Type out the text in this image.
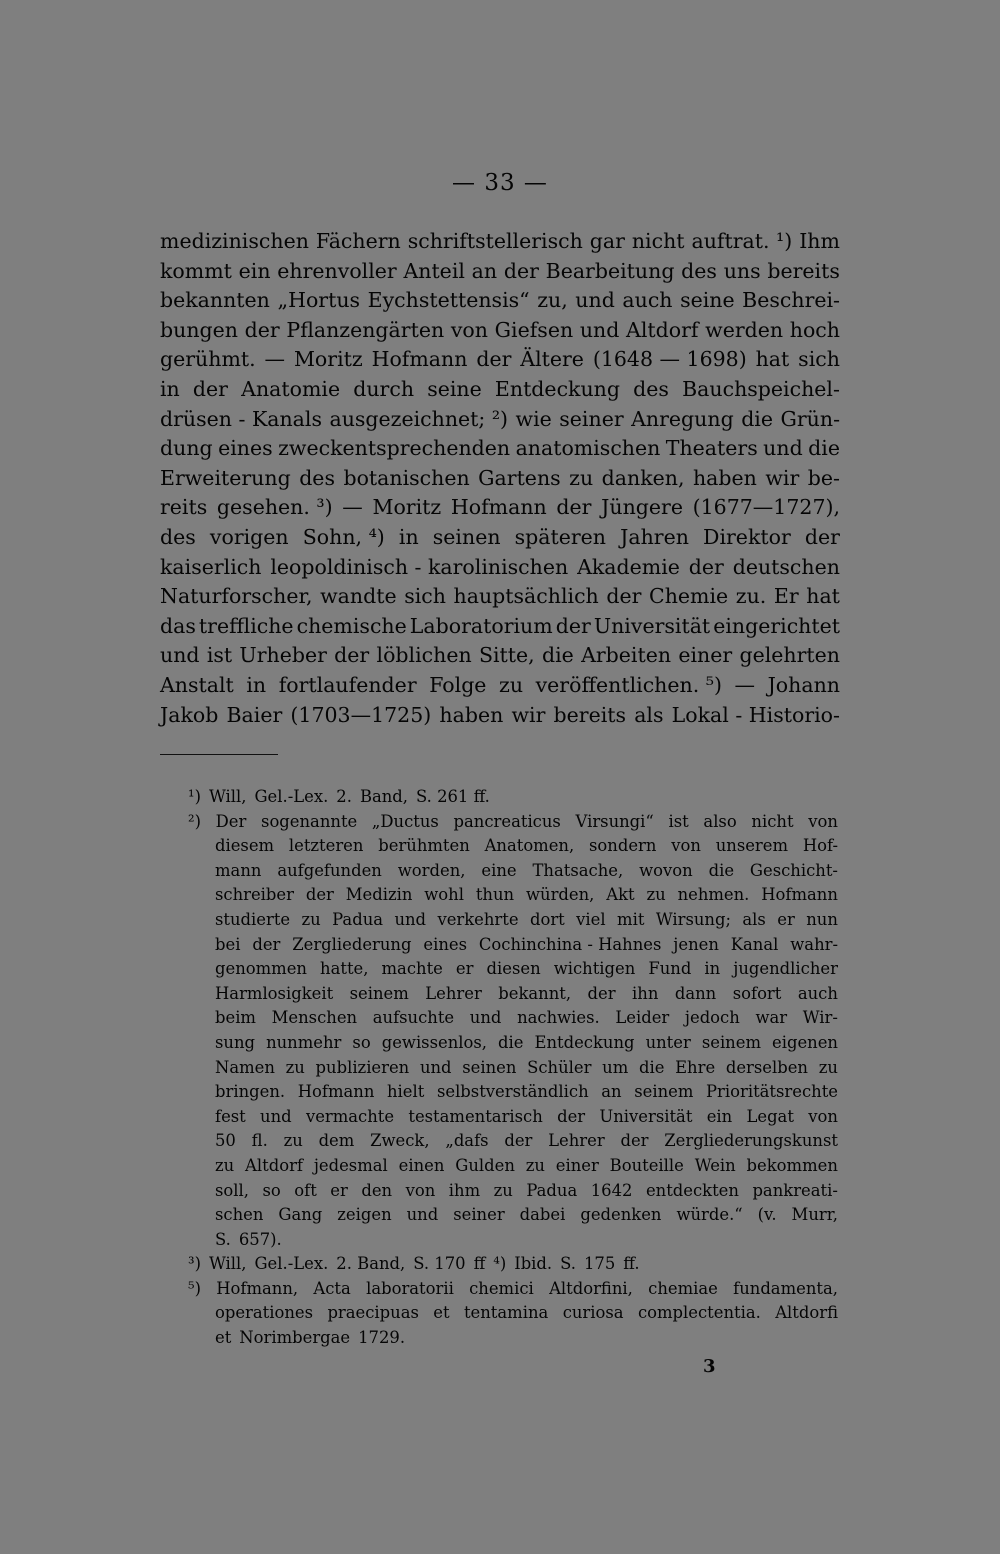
— 33 —
medizinischen Fächern schriftstellerisch gar nicht auftrat. ¹) Ihm
kommt ein ehrenvoller Anteil an der Bearbeitung des uns bereits
bekannten „Hortus Eychstettensis“ zu, und auch seine Beschrei-
bungen der Pflanzengärten von Giefsen und Altdorf werden hoch
gerühmt. — Moritz Hofmann der Ältere (1648 — 1698) hat sich
in der Anatomie durch seine Entdeckung des Bauchspeichel-
drüsen - Kanals ausgezeichnet; ²) wie seiner Anregung die Grün-
dung eines zweckentsprechenden anatomischen Theaters und die
Erweiterung des botanischen Gartens zu danken, haben wir be-
reits gesehen. ³) — Moritz Hofmann der Jüngere (1677—1727),
des vorigen Sohn, ⁴) in seinen späteren Jahren Direktor der
kaiserlich leopoldinisch - karolinischen Akademie der deutschen
Naturforscher, wandte sich hauptsächlich der Chemie zu. Er hat
das treffliche chemische Laboratorium der Universität eingerichtet
und ist Urheber der löblichen Sitte, die Arbeiten einer gelehrten
Anstalt in fortlaufender Folge zu veröffentlichen. ⁵) — Johann
Jakob Baier (1703—1725) haben wir bereits als Lokal - Historio-
¹) Will, Gel.-Lex. 2. Band, S. 261 ff.
²) Der sogenannte „Ductus pancreaticus Virsungi“ ist also nicht von
diesem letzteren berühmten Anatomen, sondern von unserem Hof-
mann aufgefunden worden, eine Thatsache, wovon die Geschicht-
schreiber der Medizin wohl thun würden, Akt zu nehmen. Hofmann
studierte zu Padua und verkehrte dort viel mit Wirsung; als er nun
bei der Zergliederung eines Cochinchina - Hahnes jenen Kanal wahr-
genommen hatte, machte er diesen wichtigen Fund in jugendlicher
Harmlosigkeit seinem Lehrer bekannt, der ihn dann sofort auch
beim Menschen aufsuchte und nachwies. Leider jedoch war Wir-
sung nunmehr so gewissenlos, die Entdeckung unter seinem eigenen
Namen zu publizieren und seinen Schüler um die Ehre derselben zu
bringen. Hofmann hielt selbstverständlich an seinem Prioritätsrechte
fest und vermachte testamentarisch der Universität ein Legat von
50 fl. zu dem Zweck, „dafs der Lehrer der Zergliederungskunst
zu Altdorf jedesmal einen Gulden zu einer Bouteille Wein bekommen
soll, so oft er den von ihm zu Padua 1642 entdeckten pankreati-
schen Gang zeigen und seiner dabei gedenken würde.“ (v. Murr,
S. 657).
³) Will, Gel.-Lex. 2. Band, S. 170 ff ⁴) Ibid. S. 175 ff.
⁵) Hofmann, Acta laboratorii chemici Altdorfini, chemiae fundamenta,
operationes praecipuas et tentamina curiosa complectentia. Altdorfi
et Norimbergae 1729.
3
